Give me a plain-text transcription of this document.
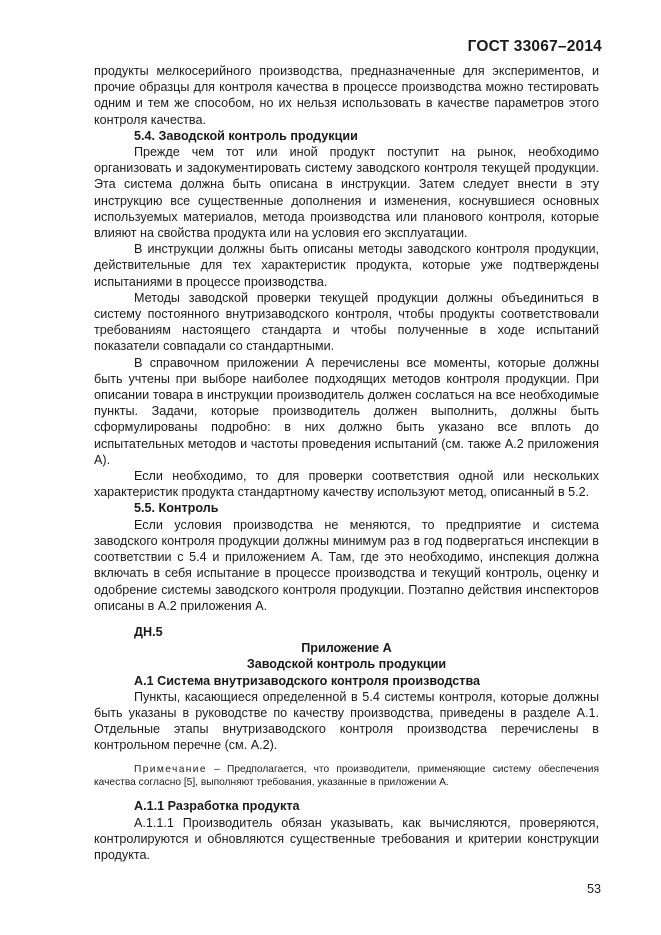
ГОСТ 33067–2014

продукты мелкосерийного производства, предназначенные для экспериментов, и прочие образцы для контроля качества в процессе производства можно тестировать одним и тем же способом, но их нельзя использовать в качестве параметров этого контроля качества.

5.4. Заводской контроль продукции

Прежде чем тот или иной продукт поступит на рынок, необходимо организовать и задокументировать систему заводского контроля текущей продукции. Эта система должна быть описана в инструкции. Затем следует внести в эту инструкцию все существенные дополнения и изменения, коснувшиеся основных используемых материалов, метода производства или планового контроля, которые влияют на свойства продукта или на условия его эксплуатации.

В инструкции должны быть описаны методы заводского контроля продукции, действительные для тех характеристик продукта, которые уже подтверждены испытаниями в процессе производства.

Методы заводской проверки текущей продукции должны объединиться в систему постоянного внутризаводского контроля, чтобы продукты соответствовали требованиям настоящего стандарта и чтобы полученные в ходе испытаний показатели совпадали со стандартными.

В справочном приложении А перечислены все моменты, которые должны быть учтены при выборе наиболее подходящих методов контроля продукции. При описании товара в инструкции производитель должен сослаться на все необходимые пункты. Задачи, которые производитель должен выполнить, должны быть сформулированы подробно: в них должно быть указано все вплоть до испытательных методов и частоты проведения испытаний (см. также А.2 приложения А).

Если необходимо, то для проверки соответствия одной или нескольких характеристик продукта стандартному качеству используют метод, описанный в 5.2.

5.5. Контроль

Если условия производства не меняются, то предприятие и система заводского контроля продукции должны минимум раз в год подвергаться инспекции в соответствии с 5.4 и приложением А. Там, где это необходимо, инспекция должна включать в себя испытание в процессе производства и текущий контроль, оценку и одобрение системы заводского контроля продукции. Поэтапно действия инспекторов описаны в А.2 приложения А.

ДН.5

Приложение А

Заводской контроль продукции

А.1 Система внутризаводского контроля производства

Пункты, касающиеся определенной в 5.4 системы контроля, которые должны быть указаны в руководстве по качеству производства, приведены в разделе А.1. Отдельные этапы внутризаводского контроля производства перечислены в контрольном перечне (см. А.2).

Примечание – Предполагается, что производители, применяющие систему обеспечения качества согласно [5], выполняют требования, указанные в приложении А.

А.1.1 Разработка продукта

А.1.1.1 Производитель обязан указывать, как вычисляются, проверяются, контролируются и обновляются существенные требования и критерии конструкции продукта.

53
